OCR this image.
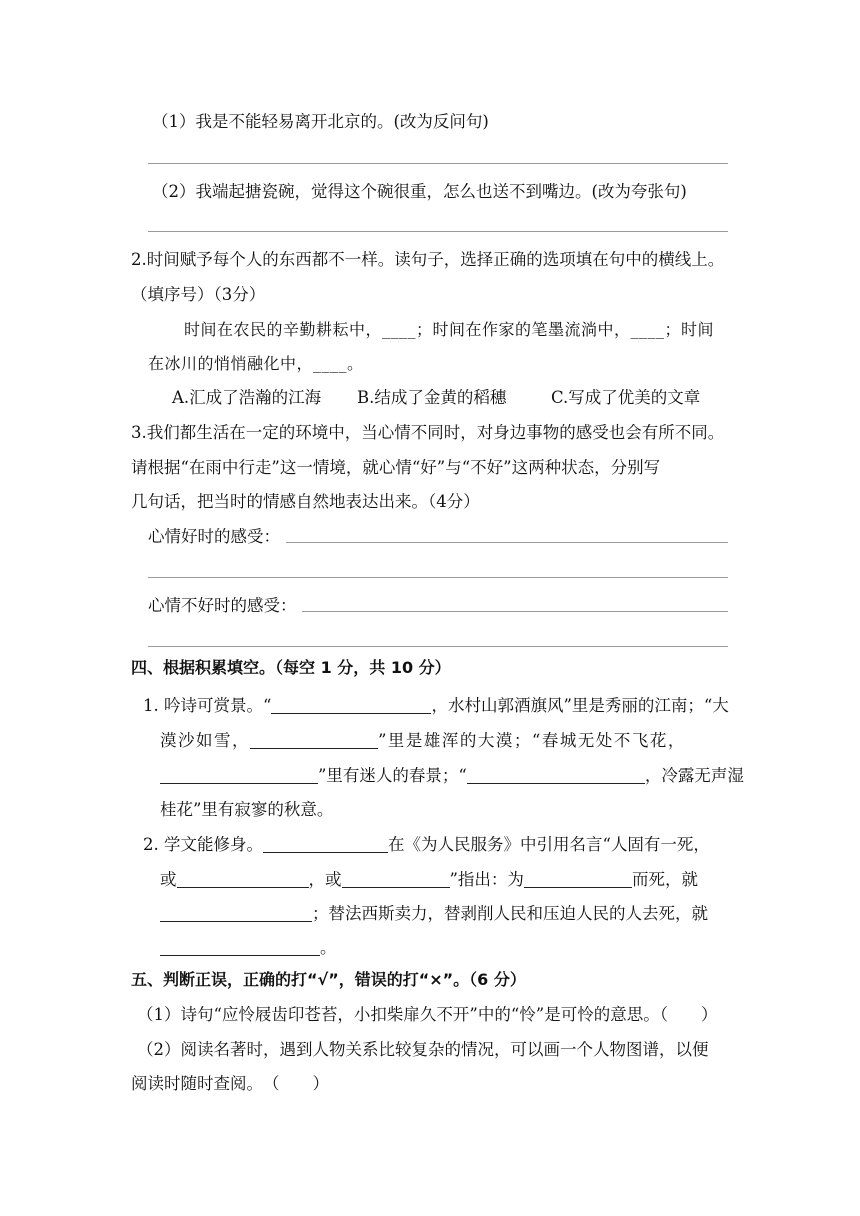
（1）我是不能轻易离开北京的。(改为反问句)
（2）我端起搪瓷碗，觉得这个碗很重，怎么也送不到嘴边。(改为夸张句)
2.时间赋予每个人的东西都不一样。读句子，选择正确的选项填在句中的横线上。
（填序号）（3分）
时间在农民的辛勤耕耘中，____；时间在作家的笔墨流淌中，____；时间
在冰川的悄悄融化中，____。
A.汇成了浩瀚的江海 B.结成了金黄的稻穗	C.写成了优美的文章
3.我们都生活在一定的环境中，当心情不同时，对身边事物的感受也会有所不同。
请根据“在雨中行走”这一情境，就心情“好”与“不好”这两种状态，分别写
几句话，把当时的情感自然地表达出来。（4分）
心情好时的感受：
心情不好时的感受：
四、根据积累填空。（每空 1 分，共 10 分）
1. 吟诗可赏景。“	，水村山郭酒旗风”里是秀丽的江南；“大
漠沙如雪，	”里是雄浑的大漠；“春城无处不飞花，
”里有迷人的春景；“	，冷露无声湿
桂花”里有寂寥的秋意。
2. 学文能修身。	在《为人民服务》中引用名言“人固有一死，
或	，或	”指出：为	而死，就
；替法西斯卖力，替剥削人民和压迫人民的人去死，就
。
五、判断正误，正确的打“√”，错误的打“×”。（6 分）
（1）诗句“应怜屐齿印苍苔，小扣柴扉久不开”中的“怜”是可怜的意思。（　　）
（2）阅读名著时，遇到人物关系比较复杂的情况，可以画一个人物图谱，以便
阅读时随时查阅。　（　　）
